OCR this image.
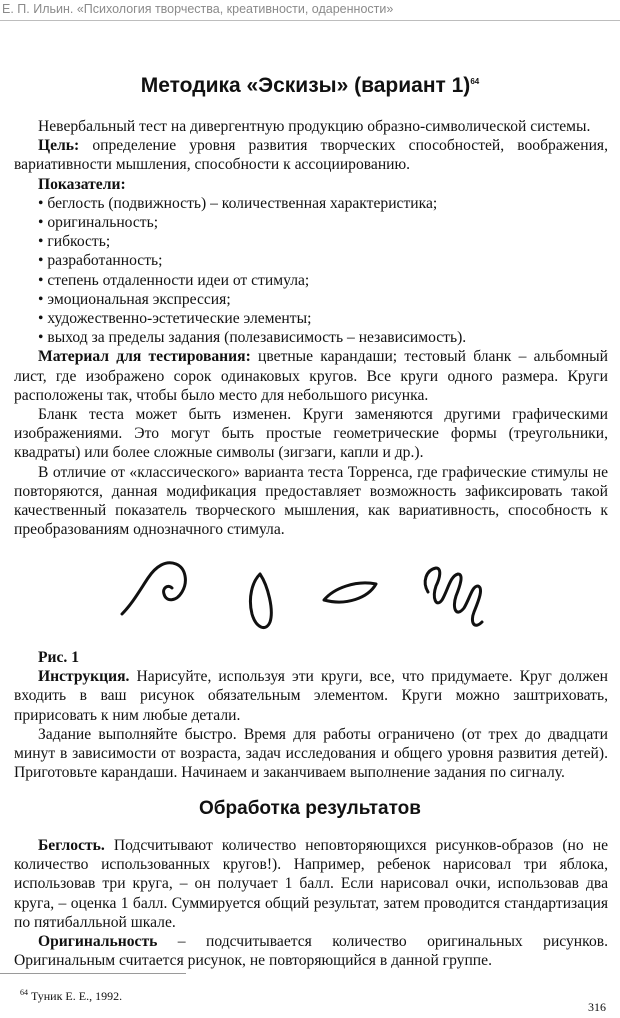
Е. П. Ильин. «Психология творчества, креативности, одаренности»
Методика «Эскизы» (вариант 1)$^{64}$

Невербальный тест на дивергентную продукцию образно-символической системы.

Цель: определение уровня развития творческих способностей, воображения, вариативности мышления, способности к ассоциированию.

Показатели:

• беглость (подвижность) – количественная характеристика;

• оригинальность;

• гибкость;

• разработанность;

• степень отдаленности идеи от стимула;

• эмоциональная экспрессия;

• художественно-эстетические элементы;

• выход за пределы задания (полезависимость – независимость).

Материал для тестирования: цветные карандаши; тестовый бланк – альбомный лист, где изображено сорок одинаковых кругов. Все круги одного размера. Круги расположены так, чтобы было место для небольшого рисунка.

Бланк теста может быть изменен. Круги заменяются другими графическими изображениями. Это могут быть простые геометрические формы (треугольники, квадраты) или более сложные символы (зигзаги, капли и др.).

В отличие от «классического» варианта теста Торренса, где графические стимулы не повторяются, данная модификация предоставляет возможность зафиксировать такой качественный показатель творческого мышления, как вариативность, способность к преобразованиям однозначного стимула.

Рис. 1

Инструкция. Нарисуйте, используя эти круги, все, что придумаете. Круг должен входить в ваш рисунок обязательным элементом. Круги можно заштриховать, пририсовать к ним любые детали.

Задание выполняйте быстро. Время для работы ограничено (от трех до двадцати минут в зависимости от возраста, задач исследования и общего уровня развития детей). Приготовьте карандаши. Начинаем и заканчиваем выполнение задания по сигналу.

Обработка результатов

Беглость. Подсчитывают количество неповторяющихся рисунков-образов (но не количество использованных кругов!). Например, ребенок нарисовал три яблока, использовав три круга, – он получает 1 балл. Если нарисовал очки, использовав два круга, – оценка 1 балл. Суммируется общий результат, затем проводится стандартизация по пятибалльной шкале.

Оригинальность – подсчитывается количество оригинальных рисунков. Оригинальным считается рисунок, не повторяющийся в данной группе.

$^{64}$ Туник Е. Е., 1992.
316
